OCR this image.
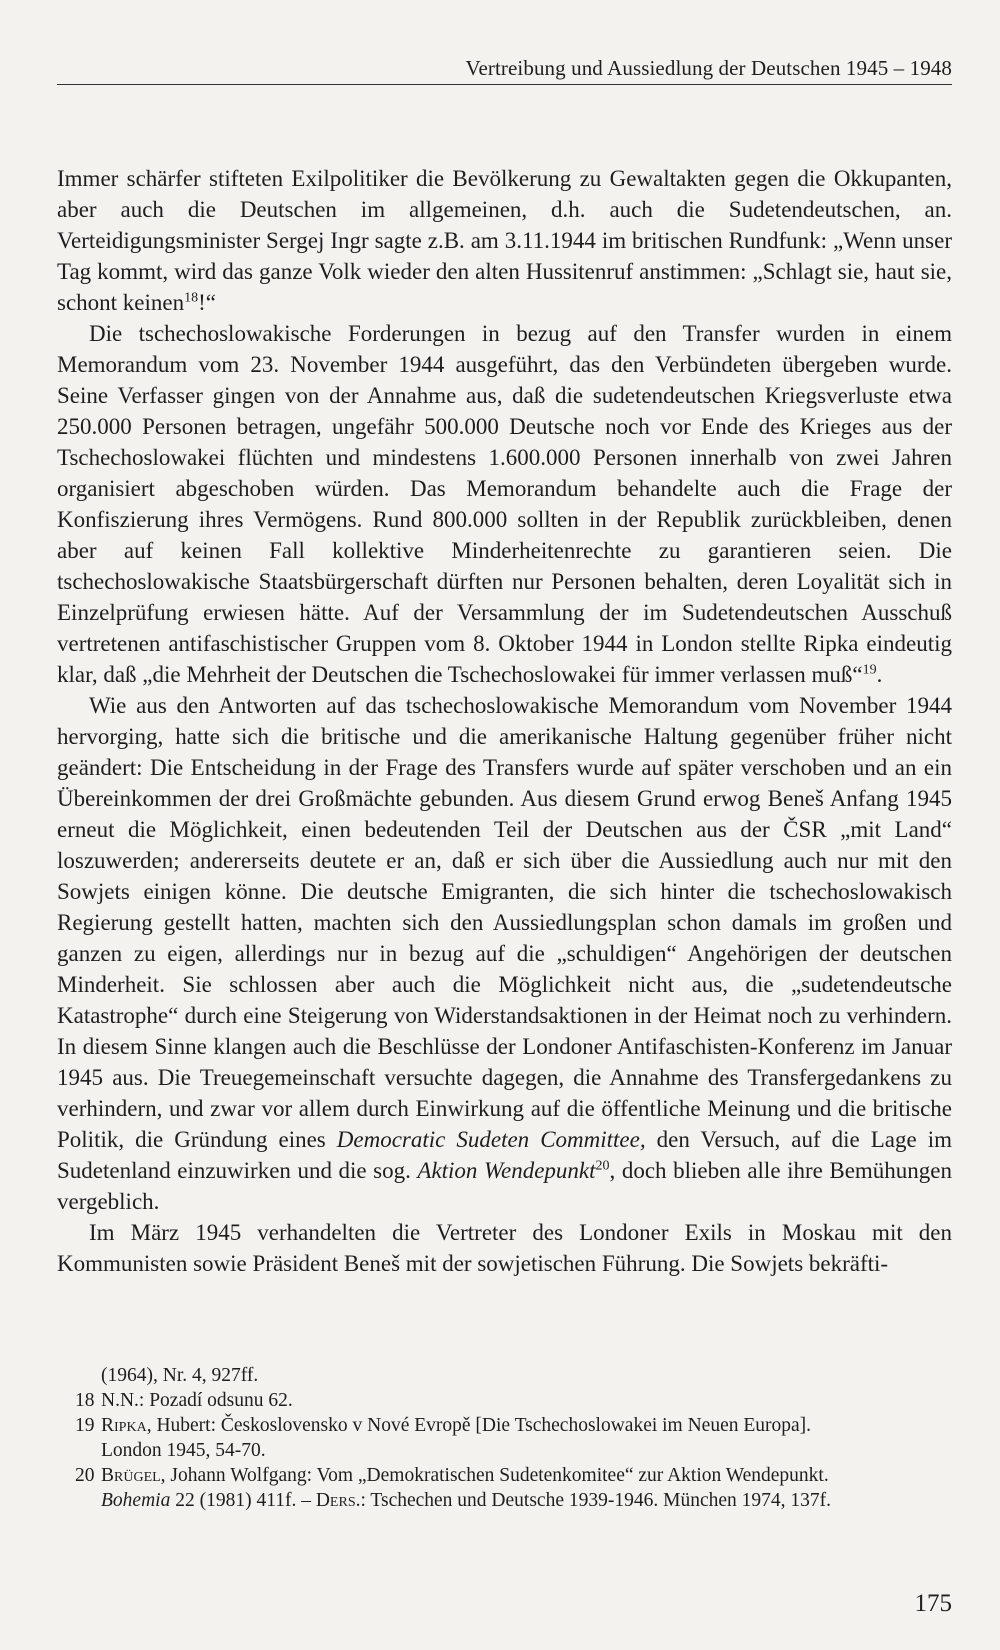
Vertreibung und Aussiedlung der Deutschen 1945 – 1948

Immer schärfer stifteten Exilpolitiker die Bevölkerung zu Gewaltakten gegen die Okkupanten, aber auch die Deutschen im allgemeinen, d.h. auch die Sudetendeutschen, an. Verteidigungsminister Sergej Ingr sagte z.B. am 3.11.1944 im britischen Rundfunk: „Wenn unser Tag kommt, wird das ganze Volk wieder den alten Hussitenruf anstimmen: „Schlagt sie, haut sie, schont keinen$^{18}$!“

Die tschechoslowakische Forderungen in bezug auf den Transfer wurden in einem Memorandum vom 23. November 1944 ausgeführt, das den Verbündeten übergeben wurde. Seine Verfasser gingen von der Annahme aus, daß die sudetendeutschen Kriegsverluste etwa 250.000 Personen betragen, ungefähr 500.000 Deutsche noch vor Ende des Krieges aus der Tschechoslowakei flüchten und mindestens 1.600.000 Personen innerhalb von zwei Jahren organisiert abgeschoben würden. Das Memorandum behandelte auch die Frage der Konfiszierung ihres Vermögens. Rund 800.000 sollten in der Republik zurückbleiben, denen aber auf keinen Fall kollektive Minderheitenrechte zu garantieren seien. Die tschechoslowakische Staatsbürgerschaft dürften nur Personen behalten, deren Loyalität sich in Einzelprüfung erwiesen hätte. Auf der Versammlung der im Sudetendeutschen Ausschuß vertretenen antifaschistischer Gruppen vom 8. Oktober 1944 in London stellte Ripka eindeutig klar, daß „die Mehrheit der Deutschen die Tschechoslowakei für immer verlassen muß“$^{19}$.

Wie aus den Antworten auf das tschechoslowakische Memorandum vom November 1944 hervorging, hatte sich die britische und die amerikanische Haltung gegenüber früher nicht geändert: Die Entscheidung in der Frage des Transfers wurde auf später verschoben und an ein Übereinkommen der drei Großmächte gebunden. Aus diesem Grund erwog Beneš Anfang 1945 erneut die Möglichkeit, einen bedeutenden Teil der Deutschen aus der ČSR „mit Land“ loszuwerden; andererseits deutete er an, daß er sich über die Aussiedlung auch nur mit den Sowjets einigen könne. Die deutsche Emigranten, die sich hinter die tschechoslowakisch Regierung gestellt hatten, machten sich den Aussiedlungsplan schon damals im großen und ganzen zu eigen, allerdings nur in bezug auf die „schuldigen“ Angehörigen der deutschen Minderheit. Sie schlossen aber auch die Möglichkeit nicht aus, die „sudetendeutsche Katastrophe“ durch eine Steigerung von Widerstandsaktionen in der Heimat noch zu verhindern. In diesem Sinne klangen auch die Beschlüsse der Londoner Antifaschisten-Konferenz im Januar 1945 aus. Die Treuegemeinschaft versuchte dagegen, die Annahme des Transfergedankens zu verhindern, und zwar vor allem durch Einwirkung auf die öffentliche Meinung und die britische Politik, die Gründung eines Democratic Sudeten Committee, den Versuch, auf die Lage im Sudetenland einzuwirken und die sog. Aktion Wendepunkt$^{20}$, doch blieben alle ihre Bemühungen vergeblich.

Im März 1945 verhandelten die Vertreter des Londoner Exils in Moskau mit den Kommunisten sowie Präsident Beneš mit der sowjetischen Führung. Die Sowjets bekräfti-

(1964), Nr. 4, 927ff.
18 N.N.: Pozadí odsunu 62.
19 Ripka, Hubert: Československo v Nové Evropě [Die Tschechoslowakei im Neuen Europa].
London 1945, 54-70.
20 Brügel, Johann Wolfgang: Vom „Demokratischen Sudetenkomitee“ zur Aktion Wendepunkt.
Bohemia 22 (1981) 411f. – Ders.: Tschechen und Deutsche 1939-1946. München 1974, 137f.
175
